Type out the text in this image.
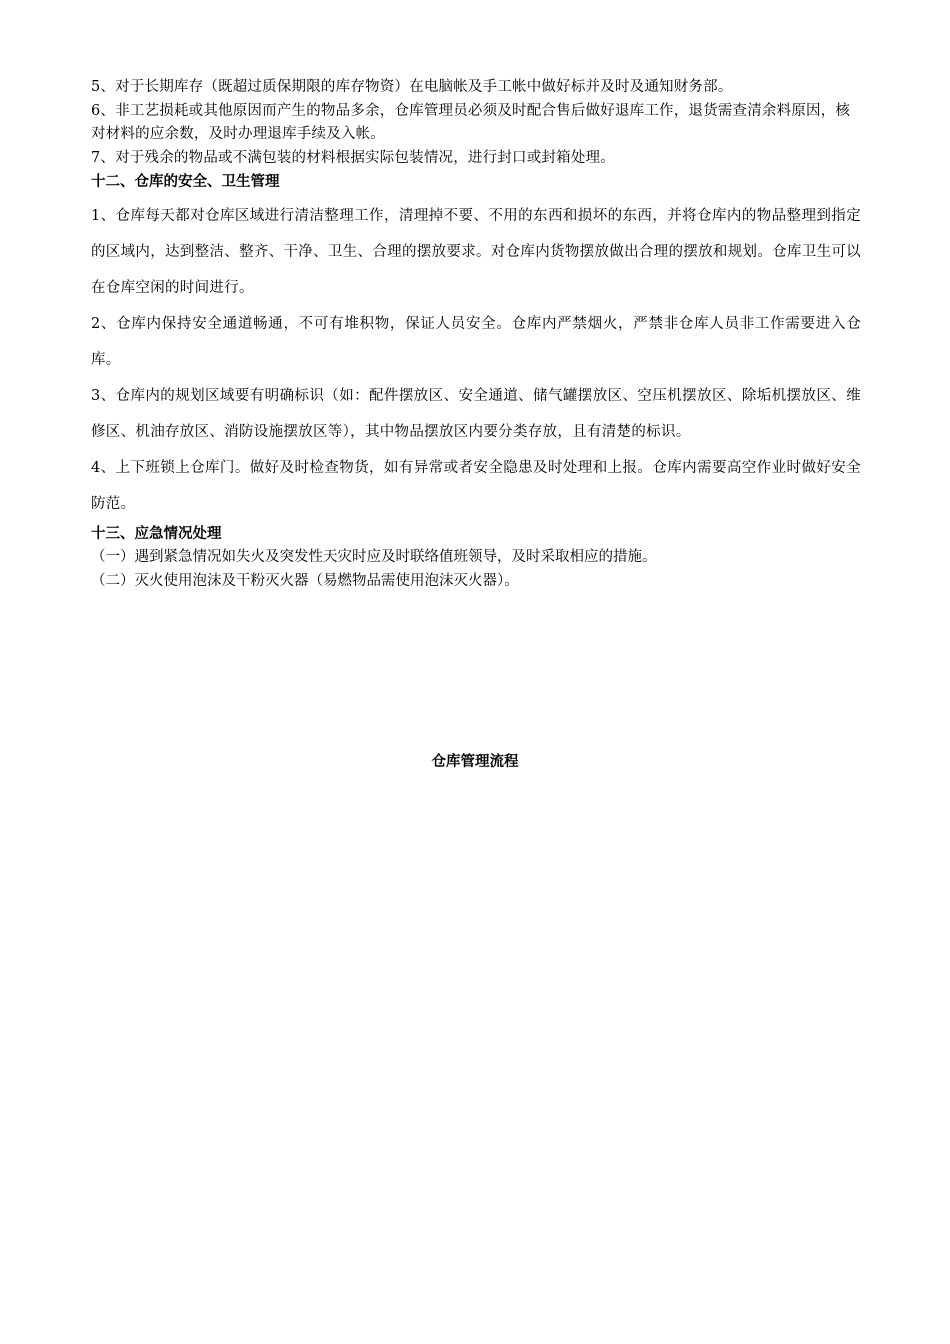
5、对于长期库存（既超过质保期限的库存物资）在电脑帐及手工帐中做好标并及时及通知财务部。

6、非工艺损耗或其他原因而产生的物品多余，仓库管理员必须及时配合售后做好退库工作，退货需查清余料原因，核对材料的应余数，及时办理退库手续及入帐。

7、对于残余的物品或不满包装的材料根据实际包装情况，进行封口或封箱处理。

十二、仓库的安全、卫生管理

1、仓库每天都对仓库区域进行清洁整理工作，清理掉不要、不用的东西和损坏的东西，并将仓库内的物品整理到指定的区域内，达到整洁、整齐、干净、卫生、合理的摆放要求。对仓库内货物摆放做出合理的摆放和规划。仓库卫生可以在仓库空闲的时间进行。

2、仓库内保持安全通道畅通，不可有堆积物，保证人员安全。仓库内严禁烟火，严禁非仓库人员非工作需要进入仓库。

3、仓库内的规划区域要有明确标识（如：配件摆放区、安全通道、储气罐摆放区、空压机摆放区、除垢机摆放区、维修区、机油存放区、消防设施摆放区等），其中物品摆放区内要分类存放，且有清楚的标识。

4、上下班锁上仓库门。做好及时检查物货，如有异常或者安全隐患及时处理和上报。仓库内需要高空作业时做好安全防范。

十三、应急情况处理

（一）遇到紧急情况如失火及突发性天灾时应及时联络值班领导，及时采取相应的措施。

（二）灭火使用泡沫及干粉灭火器（易燃物品需使用泡沫灭火器）。

仓库管理流程
